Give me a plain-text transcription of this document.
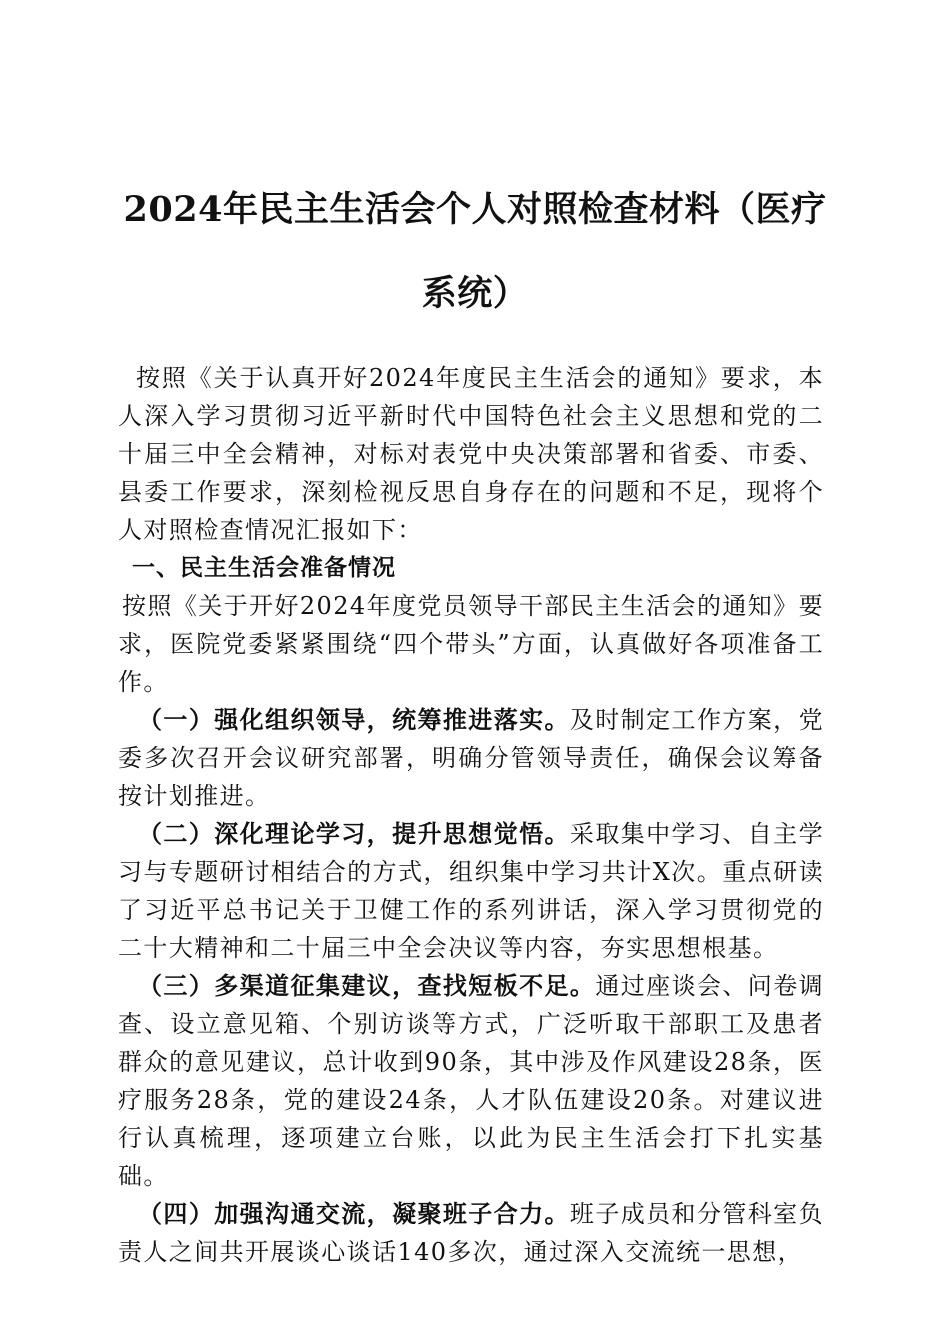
2024年民主生活会个人对照检查材料（医疗系统）

按照《关于认真开好2024年度民主生活会的通知》要求，本人深入学习贯彻习近平新时代中国特色社会主义思想和党的二十届三中全会精神，对标对表党中央决策部署和省委、市委、县委工作要求，深刻检视反思自身存在的问题和不足，现将个人对照检查情况汇报如下：

一、民主生活会准备情况

按照《关于开好2024年度党员领导干部民主生活会的通知》要求，医院党委紧紧围绕“四个带头”方面，认真做好各项准备工作。

（一）强化组织领导，统筹推进落实。及时制定工作方案，党委多次召开会议研究部署，明确分管领导责任，确保会议筹备按计划推进。

（二）深化理论学习，提升思想觉悟。采取集中学习、自主学习与专题研讨相结合的方式，组织集中学习共计X次。重点研读了习近平总书记关于卫健工作的系列讲话，深入学习贯彻党的二十大精神和二十届三中全会决议等内容，夯实思想根基。

（三）多渠道征集建议，查找短板不足。通过座谈会、问卷调查、设立意见箱、个别访谈等方式，广泛听取干部职工及患者群众的意见建议，总计收到90条，其中涉及作风建设28条，医疗服务28条，党的建设24条，人才队伍建设20条。对建议进行认真梳理，逐项建立台账，以此为民主生活会打下扎实基础。

（四）加强沟通交流，凝聚班子合力。班子成员和分管科室负责人之间共开展谈心谈话140多次，通过深入交流统一思想，
